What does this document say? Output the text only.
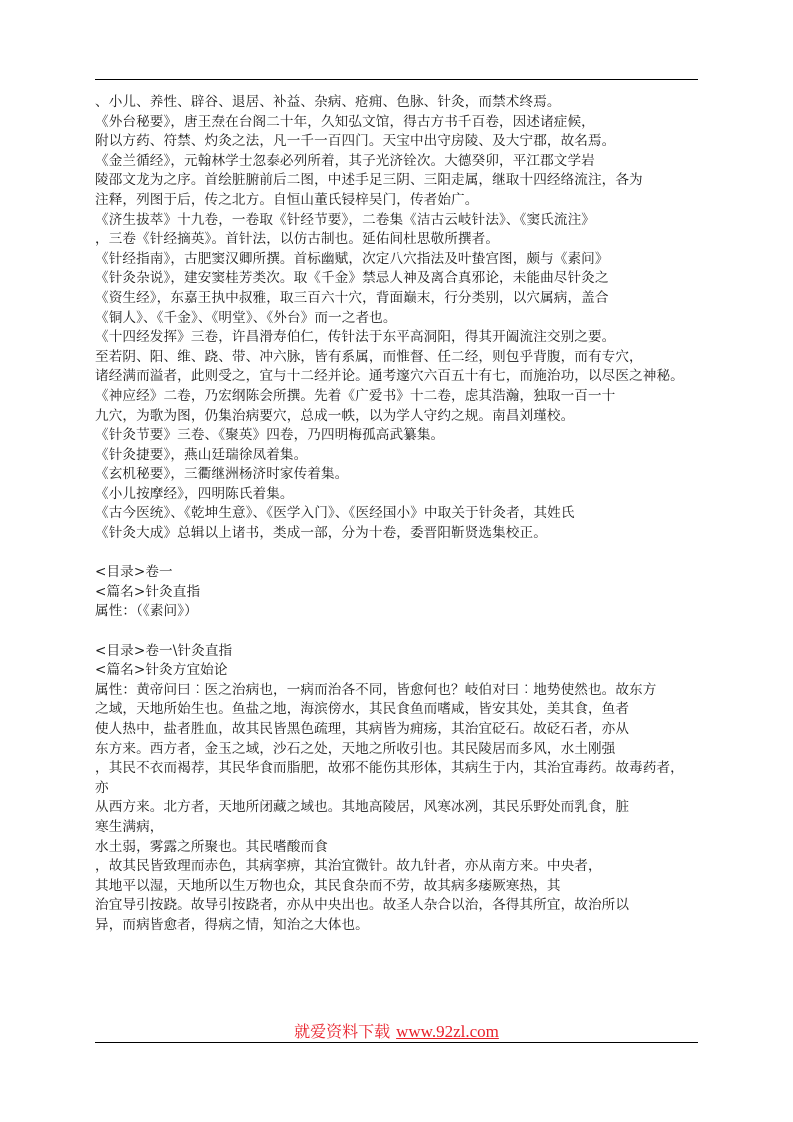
、小儿、养性、辟谷、退居、补益、杂病、疮痈、色脉、针灸，而禁术终焉。
《外台秘要》，唐王焘在台阁二十年，久知弘文馆，得古方书千百卷，因述诸症候，
附以方药、符禁、灼灸之法，凡一千一百四门。天宝中出守房陵、及大宁郡，故名焉。
《金兰循经》，元翰林学士忽泰必列所着，其子光济铨次。大德癸卯，平江郡文学岩
陵邵文龙为之序。首绘脏腑前后二图，中述手足三阴、三阳走属，继取十四经络流注，各为
注释，列图于后，传之北方。自恒山董氏锓梓吴门，传者始广。
《济生拔萃》十九卷，一卷取《针经节要》，二卷集《洁古云岐针法》、《窦氏流注》
，三卷《针经摘英》。首针法，以仿古制也。延佑间杜思敬所撰者。
《针经指南》，古肥窦汉卿所撰。首标幽赋，次定八穴指法及叶蛰宫图，颇与《素问》
《针灸杂说》，建安窦桂芳类次。取《千金》禁忌人神及离合真邪论，未能曲尽针灸之
《资生经》，东嘉王执中叔雅，取三百六十穴，背面巅末，行分类别，以穴属病，盖合
《铜人》、《千金》、《明堂》、《外台》而一之者也。
《十四经发挥》三卷，许昌滑寿伯仁，传针法于东平高洞阳，得其开阖流注交别之要。
至若阴、阳、维、跷、带、冲六脉，皆有系属，而惟督、任二经，则包乎背腹，而有专穴，
诸经满而溢者，此则受之，宜与十二经并论。通考邃穴六百五十有七，而施治功，以尽医之神秘。
《神应经》二卷，乃宏纲陈会所撰。先着《广爱书》十二卷，虑其浩瀚，独取一百一十
九穴，为歌为图，仍集治病要穴，总成一帙，以为学人守约之规。南昌刘瑾校。
《针灸节要》三卷、《聚英》四卷，乃四明梅孤高武纂集。
《针灸捷要》，燕山廷瑞徐凤着集。
《玄机秘要》，三衢继洲杨济时家传着集。
《小儿按摩经》，四明陈氏着集。
《古今医统》、《乾坤生意》、《医学入门》、《医经国小》中取关于针灸者，其姓氏
《针灸大成》总辑以上诸书，类成一部，分为十卷，委晋阳靳贤选集校正。
<目录>卷一
<篇名>针灸直指
属性：（《素问》）
<目录>卷一\针灸直指
<篇名>针灸方宜始论
属性：黄帝问曰︰医之治病也，一病而治各不同，皆愈何也？岐伯对曰︰地势使然也。故东方
之域，天地所始生也。鱼盐之地，海滨傍水，其民食鱼而嗜咸，皆安其处，美其食，鱼者
使人热中，盐者胜血，故其民皆黑色疏理，其病皆为痈疡，其治宜砭石。故砭石者，亦从
东方来。西方者，金玉之域，沙石之处，天地之所收引也。其民陵居而多风，水土刚强
，其民不衣而褐荐，其民华食而脂肥，故邪不能伤其形体，其病生于内，其治宜毒药。故毒药者，
亦
从西方来。北方者，天地所闭藏之域也。其地高陵居，风寒冰冽，其民乐野处而乳食，脏
寒生满病，
水土弱，雾露之所聚也。其民嗜酸而食
，故其民皆致理而赤色，其病挛痹，其治宜微针。故九针者，亦从南方来。中央者，
其地平以湿，天地所以生万物也众，其民食杂而不劳，故其病多痿厥寒热，其
治宜导引按跷。故导引按跷者，亦从中央出也。故圣人杂合以治，各得其所宜，故治所以
异，而病皆愈者，得病之情，知治之大体也。
就爱资料下载 www.92zl.com
